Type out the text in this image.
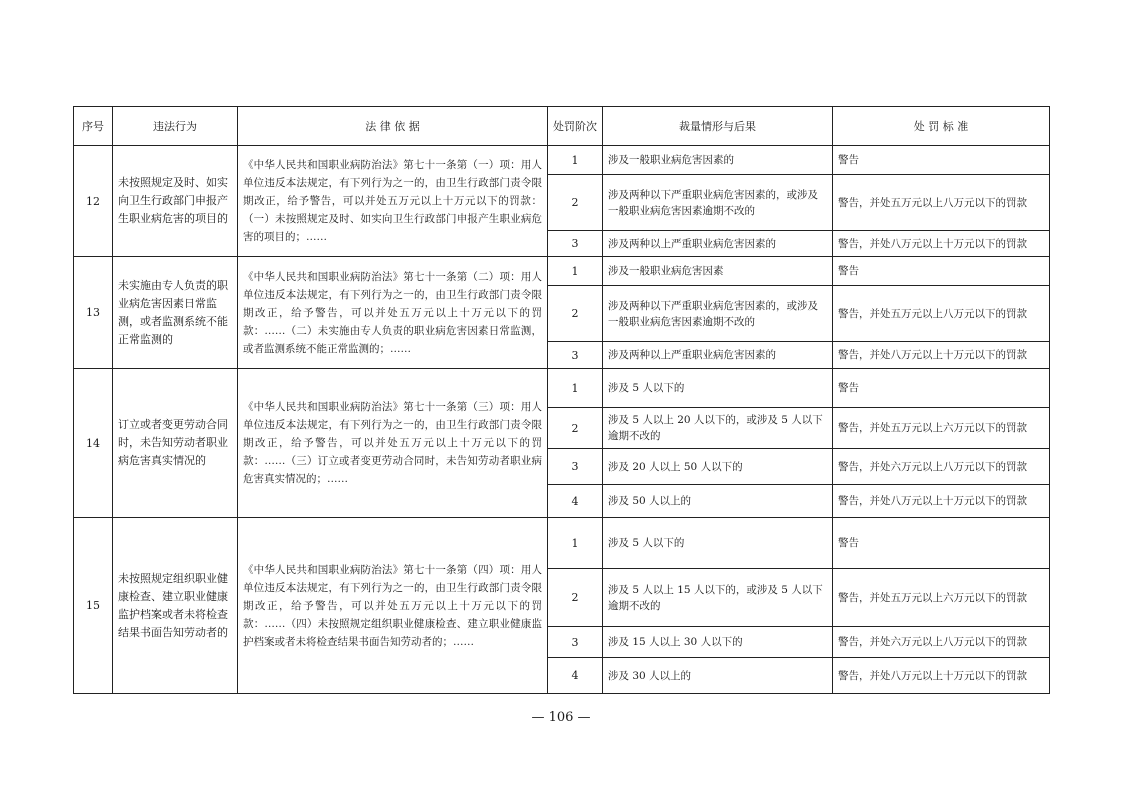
序号	违法行为	法 律 依 据	处罚阶次	裁量情形与后果	处 罚 标 准
12	未按照规定及时、如实向卫生行政部门申报产生职业病危害的项目的	《中华人民共和国职业病防治法》第七十一条第（一）项：用人单位违反本法规定，有下列行为之一的，由卫生行政部门责令限期改正，给予警告，可以并处五万元以上十万元以下的罚款：（一）未按照规定及时、如实向卫生行政部门申报产生职业病危害的项目的；……	1	涉及一般职业病危害因素的	警告
			2	涉及两种以下严重职业病危害因素的，或涉及一般职业病危害因素逾期不改的	警告，并处五万元以上八万元以下的罚款
			3	涉及两种以上严重职业病危害因素的	警告，并处八万元以上十万元以下的罚款
13	未实施由专人负责的职业病危害因素日常监测，或者监测系统不能正常监测的	《中华人民共和国职业病防治法》第七十一条第（二）项：用人单位违反本法规定，有下列行为之一的，由卫生行政部门责令限期改正，给予警告，可以并处五万元以上十万元以下的罚款：……（二）未实施由专人负责的职业病危害因素日常监测，或者监测系统不能正常监测的；……	1	涉及一般职业病危害因素	警告
			2	涉及两种以下严重职业病危害因素的，或涉及一般职业病危害因素逾期不改的	警告，并处五万元以上八万元以下的罚款
			3	涉及两种以上严重职业病危害因素的	警告，并处八万元以上十万元以下的罚款
14	订立或者变更劳动合同时，未告知劳动者职业病危害真实情况的	《中华人民共和国职业病防治法》第七十一条第（三）项：用人单位违反本法规定，有下列行为之一的，由卫生行政部门责令限期改正，给予警告，可以并处五万元以上十万元以下的罚款：……（三）订立或者变更劳动合同时，未告知劳动者职业病危害真实情况的；……	1	涉及 5 人以下的	警告
			2	涉及 5 人以上 20 人以下的，或涉及 5 人以下逾期不改的	警告，并处五万元以上六万元以下的罚款
			3	涉及 20 人以上 50 人以下的	警告，并处六万元以上八万元以下的罚款
			4	涉及 50 人以上的	警告，并处八万元以上十万元以下的罚款
15	未按照规定组织职业健康检查、建立职业健康监护档案或者未将检查结果书面告知劳动者的	《中华人民共和国职业病防治法》第七十一条第（四）项：用人单位违反本法规定，有下列行为之一的，由卫生行政部门责令限期改正，给予警告，可以并处五万元以上十万元以下的罚款：……（四）未按照规定组织职业健康检查、建立职业健康监护档案或者未将检查结果书面告知劳动者的；……	1	涉及 5 人以下的	警告
			2	涉及 5 人以上 15 人以下的，或涉及 5 人以下逾期不改的	警告，并处五万元以上六万元以下的罚款
			3	涉及 15 人以上 30 人以下的	警告，并处六万元以上八万元以下的罚款
			4	涉及 30 人以上的	警告，并处八万元以上十万元以下的罚款
— 106 —
